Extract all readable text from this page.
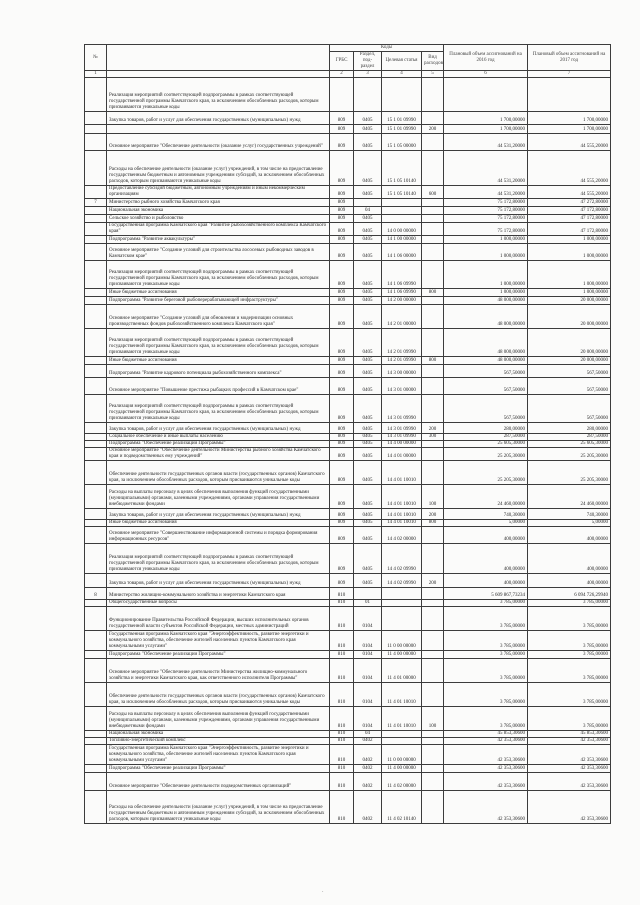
.
№		Коды				Плановый объем ассигнований на 2016 год	Плановый объем ассигнований на 2017 год
		ГРБС	Раздел, под-раздел	Целевая статья	Вид расходов		
1		2	3	4	5	6	7
	Реализация мероприятий соответствующей подпрограммы в рамках соответствующей государственной программы Камчатского края, за исключением обособленных расходов, которым присваиваются уникальные коды						
	Закупка товаров, работ и услуг для обеспечения государственных (муниципальных) нужд	809	0405	15 1 01 09990		1 700,00000	1 700,00000
		809	0405	15 1 01 09990	200	1 700,00000	1 700,00000
	Основное мероприятие "Обеспечение деятельности (оказание услуг) государственных учреждений"	809	0405	15 1 05 00000		44 531,20000	44 555,20000
	Расходы на обеспечение деятельности (оказание услуг) учреждений, в том числе на предоставление государственным бюджетным и автономным учреждениям субсидий, за исключением обособленных расходов, которым присваиваются уникальные коды	809	0405	15 1 05 10140		44 531,20000	44 555,20000
	Предоставление субсидий бюджетным, автономным учреждениям и иным некоммерческим организациям	809	0405	15 1 05 10140	600	44 531,20000	44 555,20000
7	Министерство рыбного хозяйства Камчатского края	809				75 172,80000	47 272,80000
	Национальная экономика	809	04			75 172,80000	47 172,80000
	Сельское хозяйство и рыболовство	809	0405			75 172,80000	47 172,80000
	Государственная программа Камчатского края "Развитие рыбохозяйственного комплекса Камчатского края"	809	0405	14 0 00 00000		75 172,80000	47 172,80000
	Подпрограмма "Развитие аквакультуры"	809	0405	14 1 00 00000		1 000,00000	1 000,00000
	Основное мероприятие "Создание условий для строительства лососевых рыбоводных заводов в Камчатском крае"	809	0405	14 1 06 00000		1 000,00000	1 000,00000
	Реализация мероприятий соответствующей подпрограммы в рамках соответствующей государственной программы Камчатского края, за исключением обособленных расходов, которым присваиваются уникальные коды	809	0405	14 1 06 09990		1 000,00000	1 000,00000
	Иные бюджетные ассигнования	809	0405	14 1 06 09990	800	1 000,00000	1 000,00000
	Подпрограмма "Развитие береговой рыбоперерабатывающей инфраструктуры"	809	0405	14 2 00 00000		48 000,00000	20 000,00000
	Основное мероприятие "Создание условий для обновления и модернизации основных производственных фондов рыбохозяйственного комплекса Камчатского края"	809	0405	14 2 01 00000		48 000,00000	20 000,00000
	Реализация мероприятий соответствующей подпрограммы в рамках соответствующей государственной программы Камчатского края, за исключением обособленных расходов, которым присваиваются уникальные коды	809	0405	14 2 01 09990		48 000,00000	20 000,00000
	Иные бюджетные ассигнования	809	0405	14 2 01 09990	800	48 000,00000	20 000,00000
	Подпрограмма "Развитие кадрового потенциала рыбохозяйственного комплекса"	809	0405	14 3 00 00000		567,50000	567,50000
	Основное мероприятие "Повышение престижа рыбацких профессий в Камчатском крае"	809	0405	14 3 01 00000		567,50000	567,50000
	Реализация мероприятий соответствующей подпрограммы в рамках соответствующей государственной программы Камчатского края, за исключением обособленных расходов, которым присваиваются уникальные коды	809	0405	14 3 01 09990		567,50000	567,50000
	Закупка товаров, работ и услуг для обеспечения государственных (муниципальных) нужд	809	0405	14 3 01 09990	200	280,00000	280,00000
	Социальное обеспечение и иные выплаты населению	809	0405	14 3 01 09990	300	287,50000	287,50000
	Подпрограмма "Обеспечение реализации Программы"	809	0405	14 4 00 00000		25 605,30000	25 605,30000
	Основное мероприятие "Обеспечение деятельности Министерства рыбного хозяйства Камчатского края и подведомственных ему учреждений"	809	0405	14 4 01 00000		25 205,30000	25 205,30000
	Обеспечение деятельности государственных органов власти (государственных органов) Камчатского края, за исключением обособленных расходов, которым присваиваются уникальные коды	809	0405	14 4 01 10010		25 205,30000	25 205,30000
	Расходы на выплаты персоналу в целях обеспечения выполнения функций государственными (муниципальными) органами, казенными учреждениями, органами управления государственными внебюджетными фондами	809	0405	14 4 01 10010	100	24 460,00000	24 460,00000
	Закупка товаров, работ и услуг для обеспечения государственных (муниципальных) нужд	809	0405	14 4 01 10010	200	740,30000	740,30000
	Иные бюджетные ассигнования	809	0405	14 4 01 10010	800	5,00000	5,00000
	Основное мероприятие "Совершенствование информационной системы и порядка формирования информационных ресурсов"	809	0405	14 4 02 00000		400,00000	400,00000
	Реализация мероприятий соответствующей подпрограммы в рамках соответствующей государственной программы Камчатского края, за исключением обособленных расходов, которым присваиваются уникальные коды	809	0405	14 4 02 09990		400,00000	400,00000
	Закупка товаров, работ и услуг для обеспечения государственных (муниципальных) нужд	809	0405	14 4 02 09990	200	400,00000	400,00000
8	Министерство жилищно-коммунального хозяйства и энергетики Камчатского края	810				5 609 867,73234	6 094 726,29940
	Общегосударственные вопросы	810	01			3 785,00000	3 785,00000
	Функционирование Правительства Российской Федерации, высших исполнительных органов государственной власти субъектов Российской Федерации, местных администраций	810	0104			3 785,00000	3 785,00000
	Государственная программа Камчатского края "Энергоэффективность, развитие энергетики и коммунального хозяйства, обеспечение жителей населенных пунктов Камчатского края коммунальными услугами"	810	0104	11 0 00 00000		3 785,00000	3 785,00000
	Подпрограмма "Обеспечение реализации Программы"	810	0104	11 4 00 00000		3 785,00000	3 785,00000
	Основное мероприятие "Обеспечение деятельности Министерства жилищно-коммунального хозяйства и энергетики Камчатского края, как ответственного исполнителя Программы"	810	0104	11 4 01 00000		3 785,00000	3 785,00000
	Обеспечение деятельности государственных органов власти (государственных органов) Камчатского края, за исключением обособленных расходов, которым присваиваются уникальные коды	810	0104	11 4 01 10010		3 785,00000	3 785,00000
	Расходы на выплаты персоналу в целях обеспечения выполнения функций государственными (муниципальными) органами, казенными учреждениями, органами управления государственными внебюджетными фондами	810	0104	11 4 01 10010	100	3 785,00000	3 785,00000
	Национальная экономика	810	04			45 853,30600	45 853,30600
	Топливно-энергетический комплекс	810	0402			42 353,30600	42 353,30600
	Государственная программа Камчатского края "Энергоэффективность, развитие энергетики и коммунального хозяйства, обеспечение жителей населенных пунктов Камчатского края коммунальными услугами"	810	0402	11 0 00 00000		42 353,30600	42 353,30600
	Подпрограмма "Обеспечение реализации Программы"	810	0402	11 4 00 00000		42 353,30600	42 353,30600
	Основное мероприятие "Обеспечение деятельности подведомственных организаций"	810	0402	11 4 02 00000		42 353,30600	42 353,30600
	Расходы на обеспечение деятельности (оказание услуг) учреждений, в том числе на предоставление государственным бюджетным и автономным учреждениям субсидий, за исключением обособленных расходов, которым присваиваются уникальные коды	810	0402	11 4 02 10140		42 353,30600	42 353,30600
